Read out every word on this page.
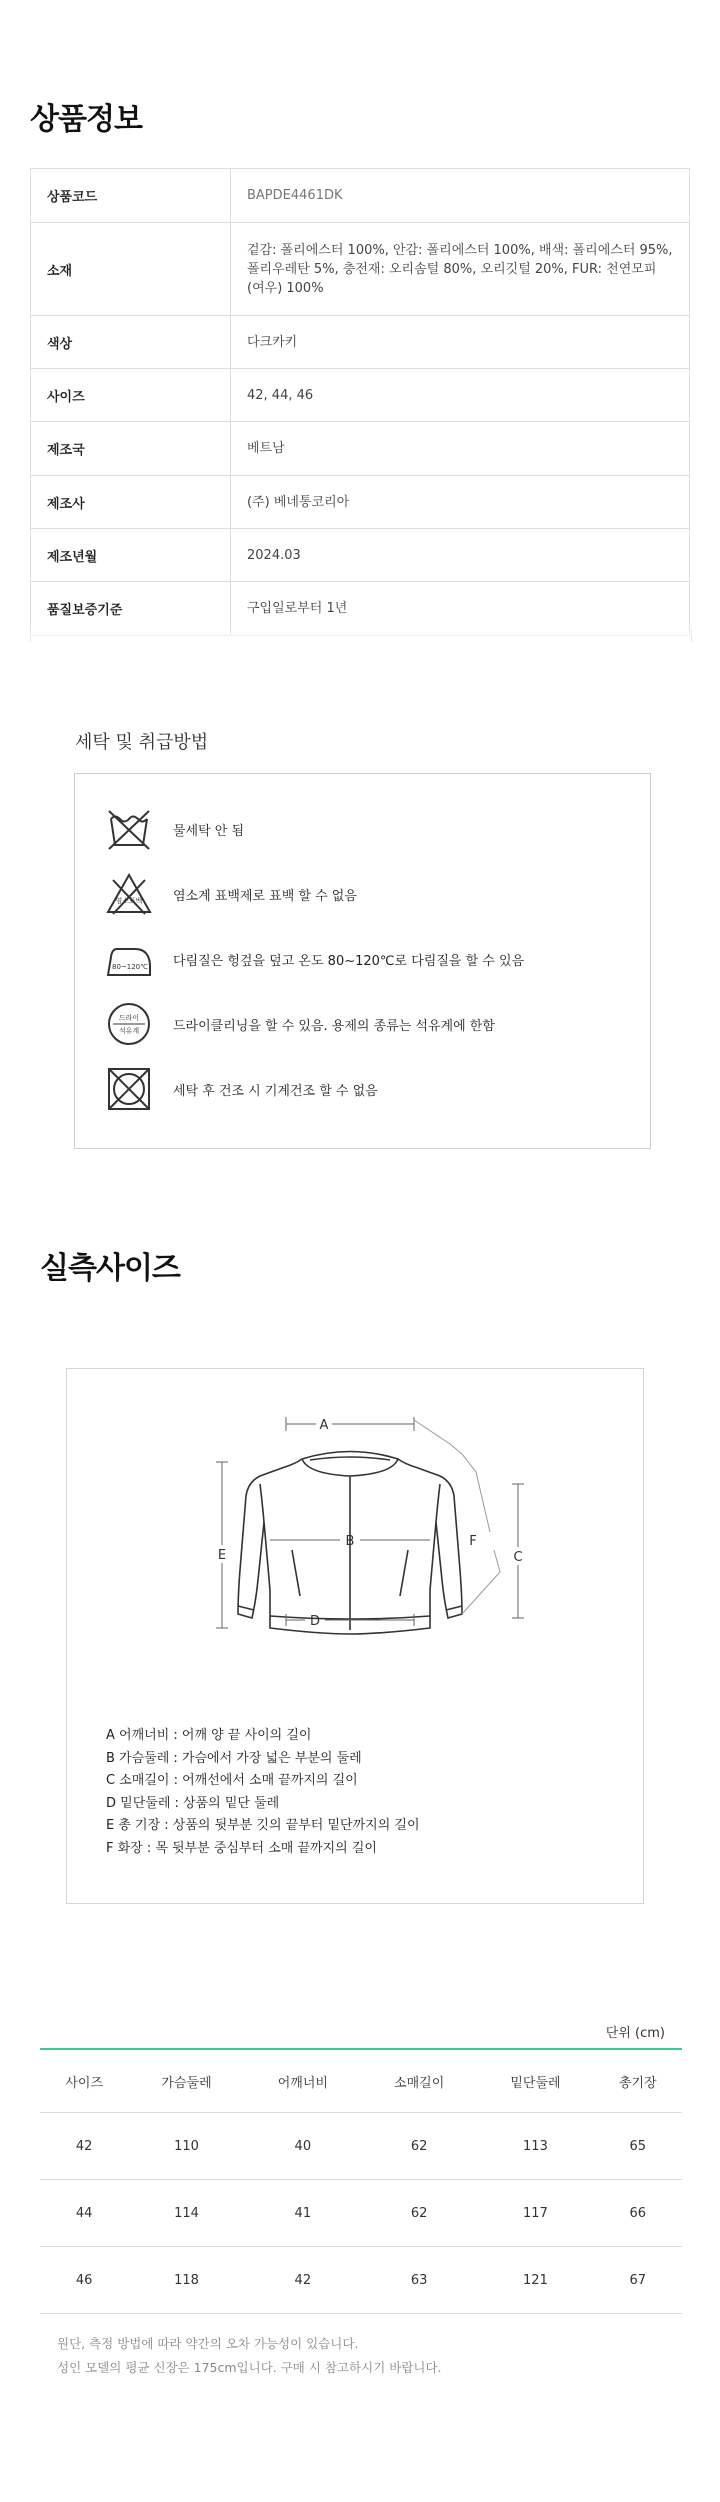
상품정보
상품코드	BAPDE4461DK
소재	겉감: 폴리에스터 100%, 안감: 폴리에스터 100%, 배색: 폴리에스터 95%, 폴리우레탄 5%, 충전재: 오리솜털 80%, 오리깃털 20%, FUR: 천연모피(여우) 100%
색상	다크카키
사이즈	42, 44, 46
제조국	베트남
제조사	(주) 베네통코리아
제조년월	2024.03
품질보증기준	구입일로부터 1년
세탁 및 취급방법
물세탁 안 됨
염소표백 염소계 표백제로 표백 할 수 없음
80~120℃ 다림질은 헝겊을 덮고 온도 80~120℃로 다림질을 할 수 있음
드라이
석유계	드라이클리닝을 할 수 있음. 용제의 종류는 석유계에 한함
세탁 후 건조 시 기계건조 할 수 없음
실측사이즈
A
B
C
D
E
F
A 어깨너비 : 어깨 양 끝 사이의 길이
B 가슴둘레 : 가슴에서 가장 넓은 부분의 둘레
C 소매길이 : 어깨선에서 소매 끝까지의 길이
D 밑단둘레 : 상품의 밑단 둘레
E 총 기장 : 상품의 뒷부분 깃의 끝부터 밑단까지의 길이
F 화장 : 목 뒷부분 중심부터 소매 끝까지의 길이
단위 (cm)
사이즈	가슴둘레	어깨너비	소매길이	밑단둘레	총기장
42	110	40	62	113	65
44	114	41	62	117	66
46	118	42	63	121	67
원단, 측정 방법에 따라 약간의 오차 가능성이 있습니다.
성인 모델의 평균 신장은 175cm입니다. 구매 시 참고하시기 바랍니다.
